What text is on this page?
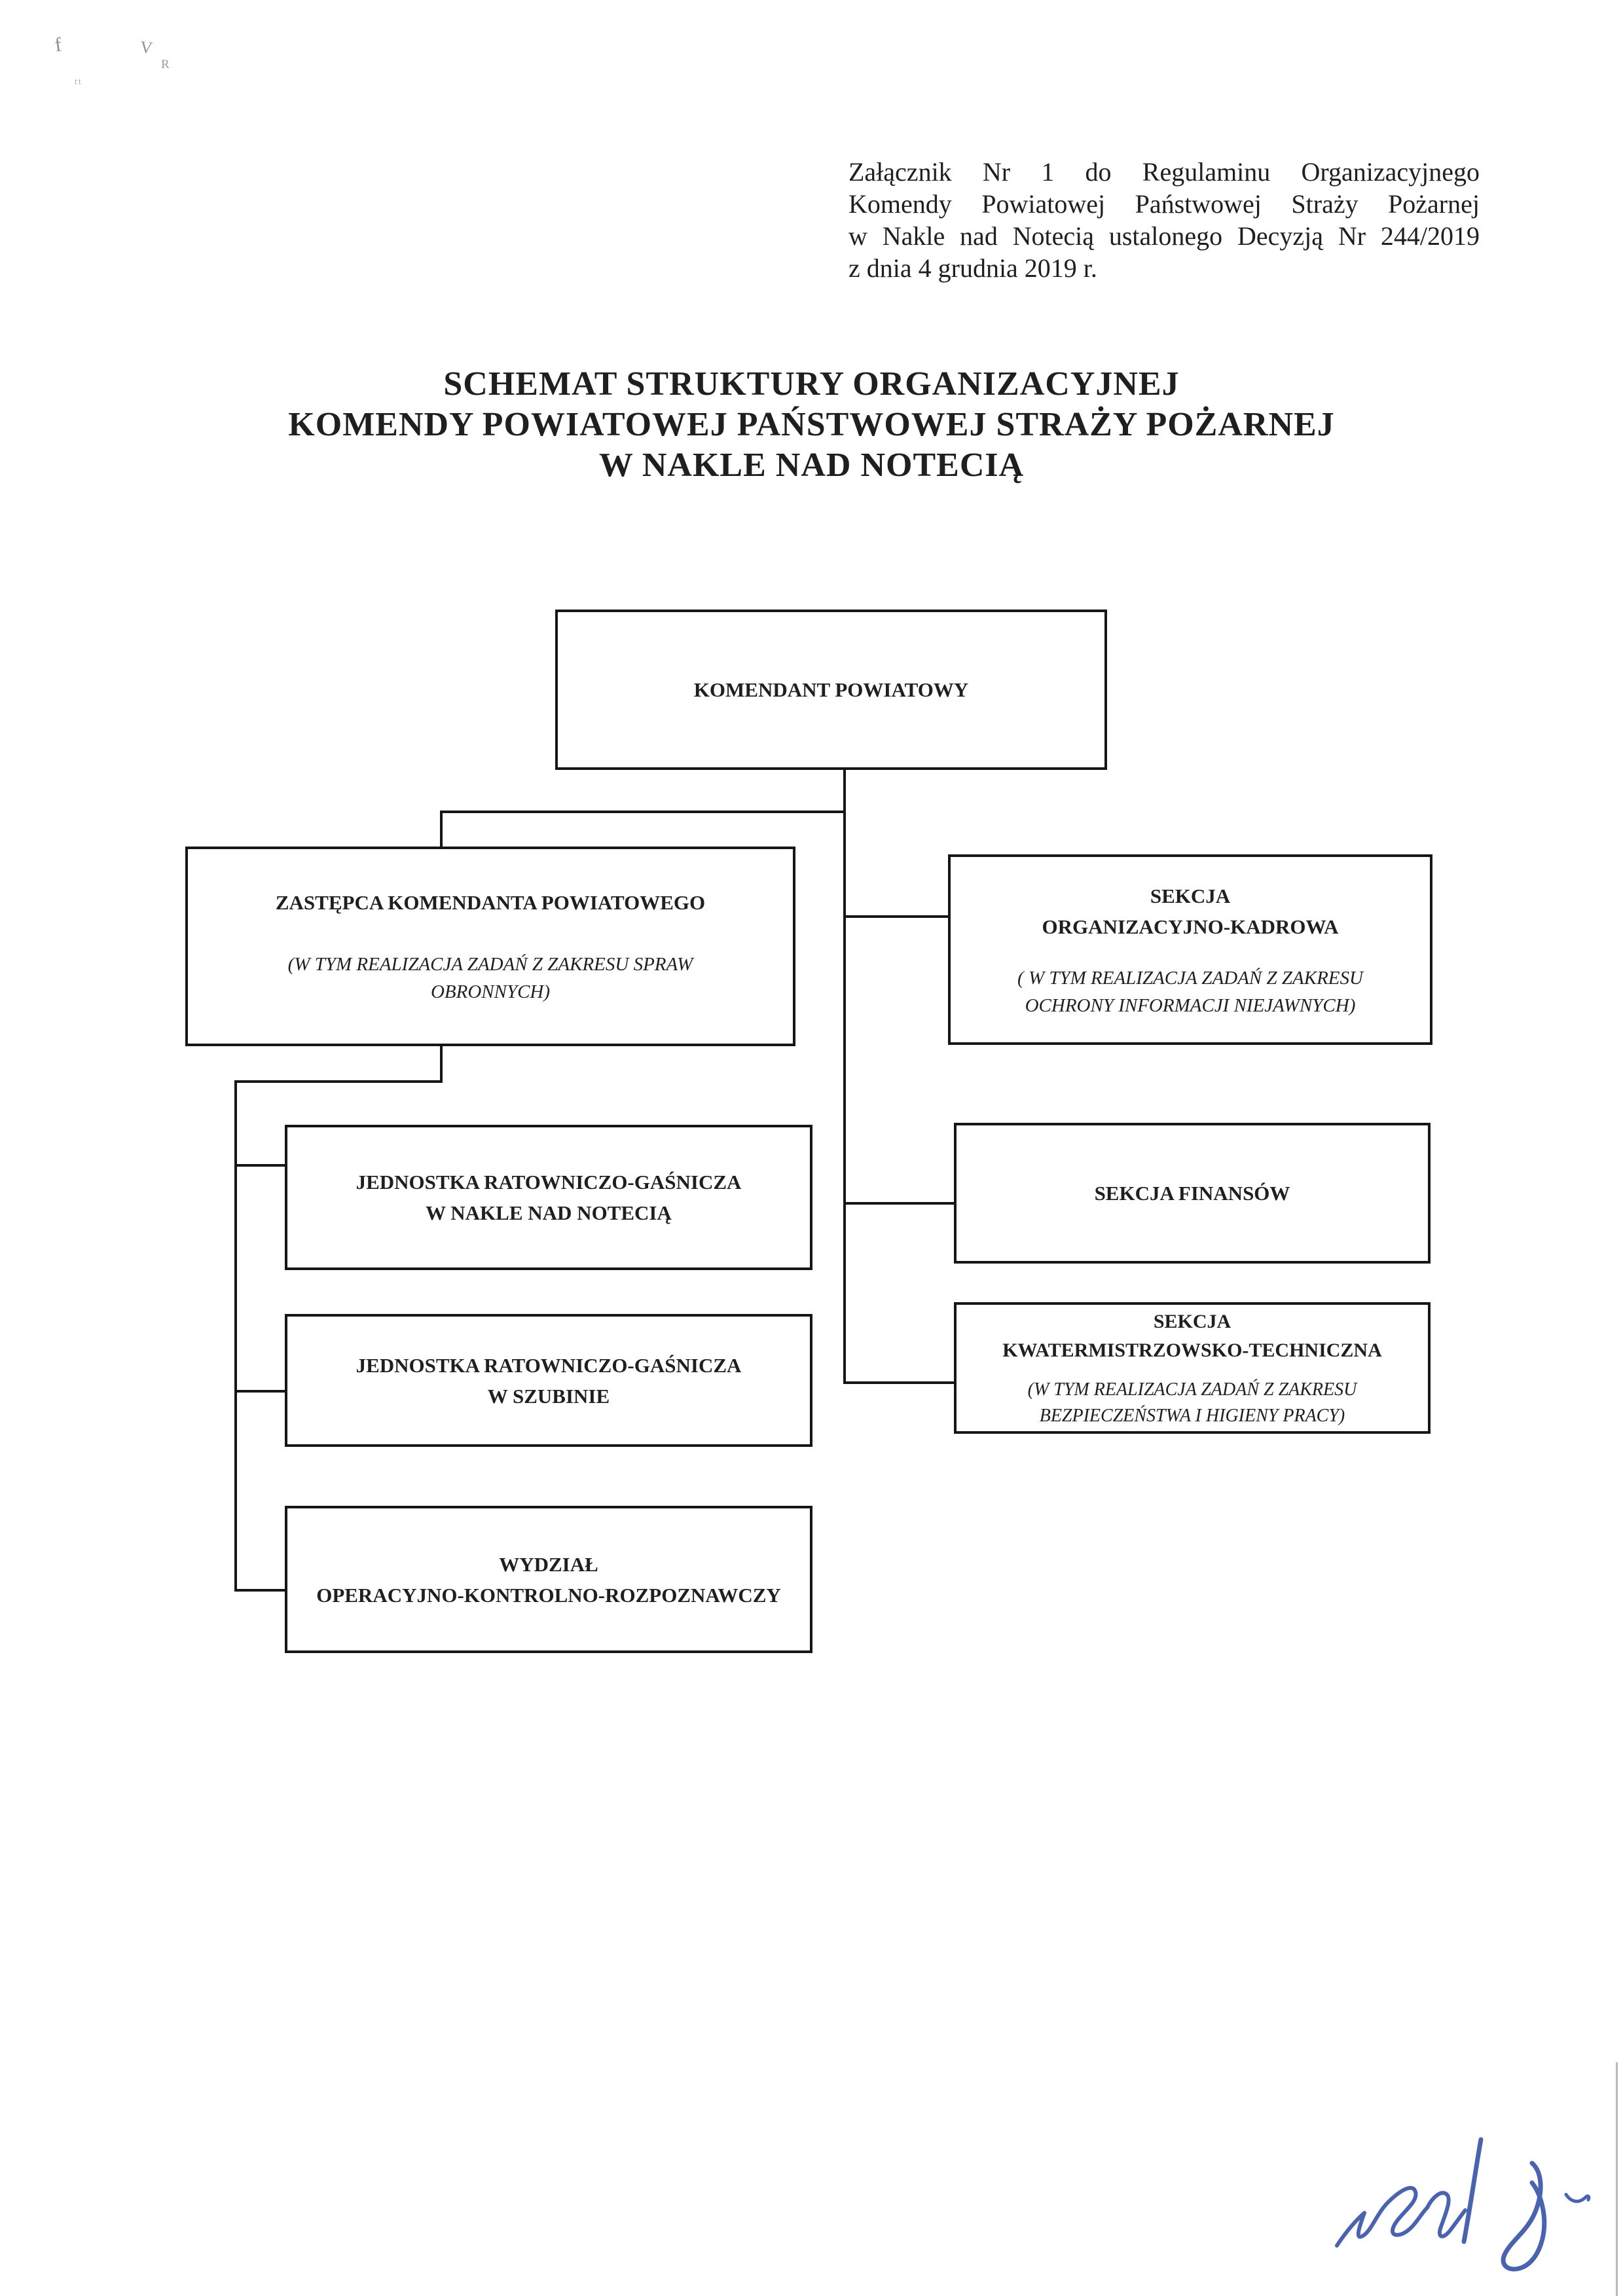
f	V
R
tt
Załącznik Nr 1 do Regulaminu Organizacyjnego
Komendy Powiatowej Państwowej Straży Pożarnej
w Nakle nad Notecią ustalonego Decyzją Nr 244/2019
z dnia 4 grudnia 2019 r.
SCHEMAT STRUKTURY ORGANIZACYJNEJ
KOMENDY POWIATOWEJ PAŃSTWOWEJ STRAŻY POŻARNEJ
W NAKLE NAD NOTECIĄ
KOMENDANT POWIATOWY
ZASTĘPCA KOMENDANTA POWIATOWEGO
(W TYM REALIZACJA ZADAŃ Z ZAKRESU SPRAW
OBRONNYCH)
SEKCJA
ORGANIZACYJNO-KADROWA
( W TYM REALIZACJA ZADAŃ Z ZAKRESU
OCHRONY INFORMACJI NIEJAWNYCH)
JEDNOSTKA RATOWNICZO-GAŚNICZA
W NAKLE NAD NOTECIĄ
SEKCJA FINANSÓW
JEDNOSTKA RATOWNICZO-GAŚNICZA
W SZUBINIE
SEKCJA
KWATERMISTRZOWSKO-TECHNICZNA
(W TYM REALIZACJA ZADAŃ Z ZAKRESU
BEZPIECZEŃSTWA I HIGIENY PRACY)
WYDZIAŁ
OPERACYJNO-KONTROLNO-ROZPOZNAWCZY
